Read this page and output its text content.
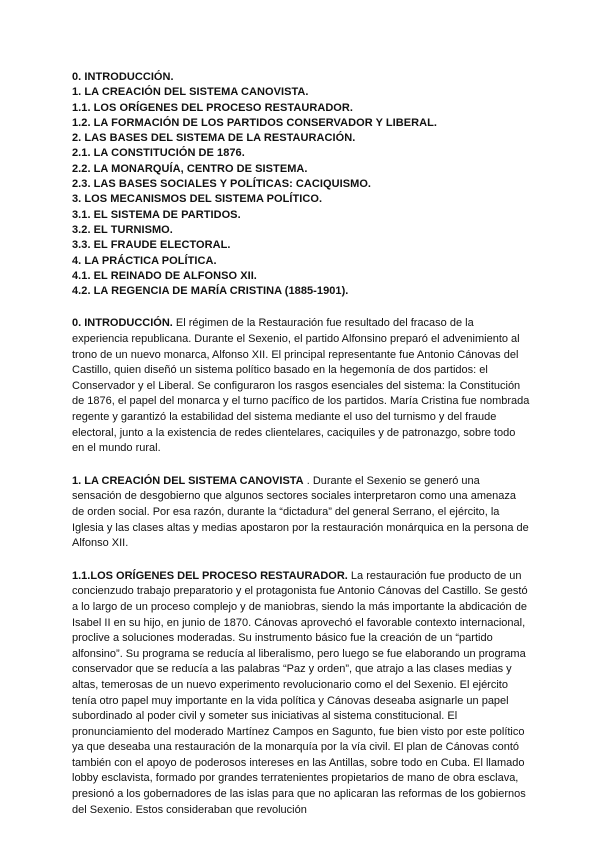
0. INTRODUCCIÓN.
1. LA CREACIÓN DEL SISTEMA CANOVISTA.
1.1. LOS ORÍGENES DEL PROCESO RESTAURADOR.
1.2. LA FORMACIÓN DE LOS PARTIDOS CONSERVADOR Y LIBERAL.
2. LAS BASES DEL SISTEMA DE LA RESTAURACIÓN.
2.1. LA CONSTITUCIÓN DE 1876.
2.2. LA MONARQUÍA, CENTRO DE SISTEMA.
2.3. LAS BASES SOCIALES Y POLÍTICAS: CACIQUISMO.
3. LOS MECANISMOS DEL SISTEMA POLÍTICO.
3.1. EL SISTEMA DE PARTIDOS.
3.2. EL TURNISMO.
3.3. EL FRAUDE ELECTORAL.
4. LA PRÁCTICA POLÍTICA.
4.1. EL REINADO DE ALFONSO XII.
4.2. LA REGENCIA DE MARÍA CRISTINA (1885-1901).

0. INTRODUCCIÓN. El régimen de la Restauración fue resultado del fracaso de la experiencia republicana. Durante el Sexenio, el partido Alfonsino preparó el advenimiento al trono de un nuevo monarca, Alfonso XII. El principal representante fue Antonio Cánovas del Castillo, quien diseñó un sistema político basado en la hegemonía de dos partidos: el Conservador y el Liberal. Se configuraron los rasgos esenciales del sistema: la Constitución de 1876, el papel del monarca y el turno pacífico de los partidos. María Cristina fue nombrada regente y garantizó la estabilidad del sistema mediante el uso del turnismo y del fraude electoral, junto a la existencia de redes clientelares, caciquiles y de patronazgo, sobre todo en el mundo rural.

1. LA CREACIÓN DEL SISTEMA CANOVISTA . Durante el Sexenio se generó una sensación de desgobierno que algunos sectores sociales interpretaron como una amenaza de orden social. Por esa razón, durante la “dictadura” del general Serrano, el ejército, la Iglesia y las clases altas y medias apostaron por la restauración monárquica en la persona de Alfonso XII.

1.1.LOS ORÍGENES DEL PROCESO RESTAURADOR. La restauración fue producto de un concienzudo trabajo preparatorio y el protagonista fue Antonio Cánovas del Castillo. Se gestó a lo largo de un proceso complejo y de maniobras, siendo la más importante la abdicación de Isabel II en su hijo, en junio de 1870. Cánovas aprovechó el favorable contexto internacional, proclive a soluciones moderadas. Su instrumento básico fue la creación de un “partido alfonsino”. Su programa se reducía al liberalismo, pero luego se fue elaborando un programa conservador que se reducía a las palabras “Paz y orden”, que atrajo a las clases medias y altas, temerosas de un nuevo experimento revolucionario como el del Sexenio. El ejército tenía otro papel muy importante en la vida política y Cánovas deseaba asignarle un papel subordinado al poder civil y someter sus iniciativas al sistema constitucional. El pronunciamiento del moderado Martínez Campos en Sagunto, fue bien visto por este político ya que deseaba una restauración de la monarquía por la vía civil. El plan de Cánovas contó también con el apoyo de poderosos intereses en las Antillas, sobre todo en Cuba. El llamado lobby esclavista, formado por grandes terratenientes propietarios de mano de obra esclava, presionó a los gobernadores de las islas para que no aplicaran las reformas de los gobiernos del Sexenio. Estos consideraban que revolución
